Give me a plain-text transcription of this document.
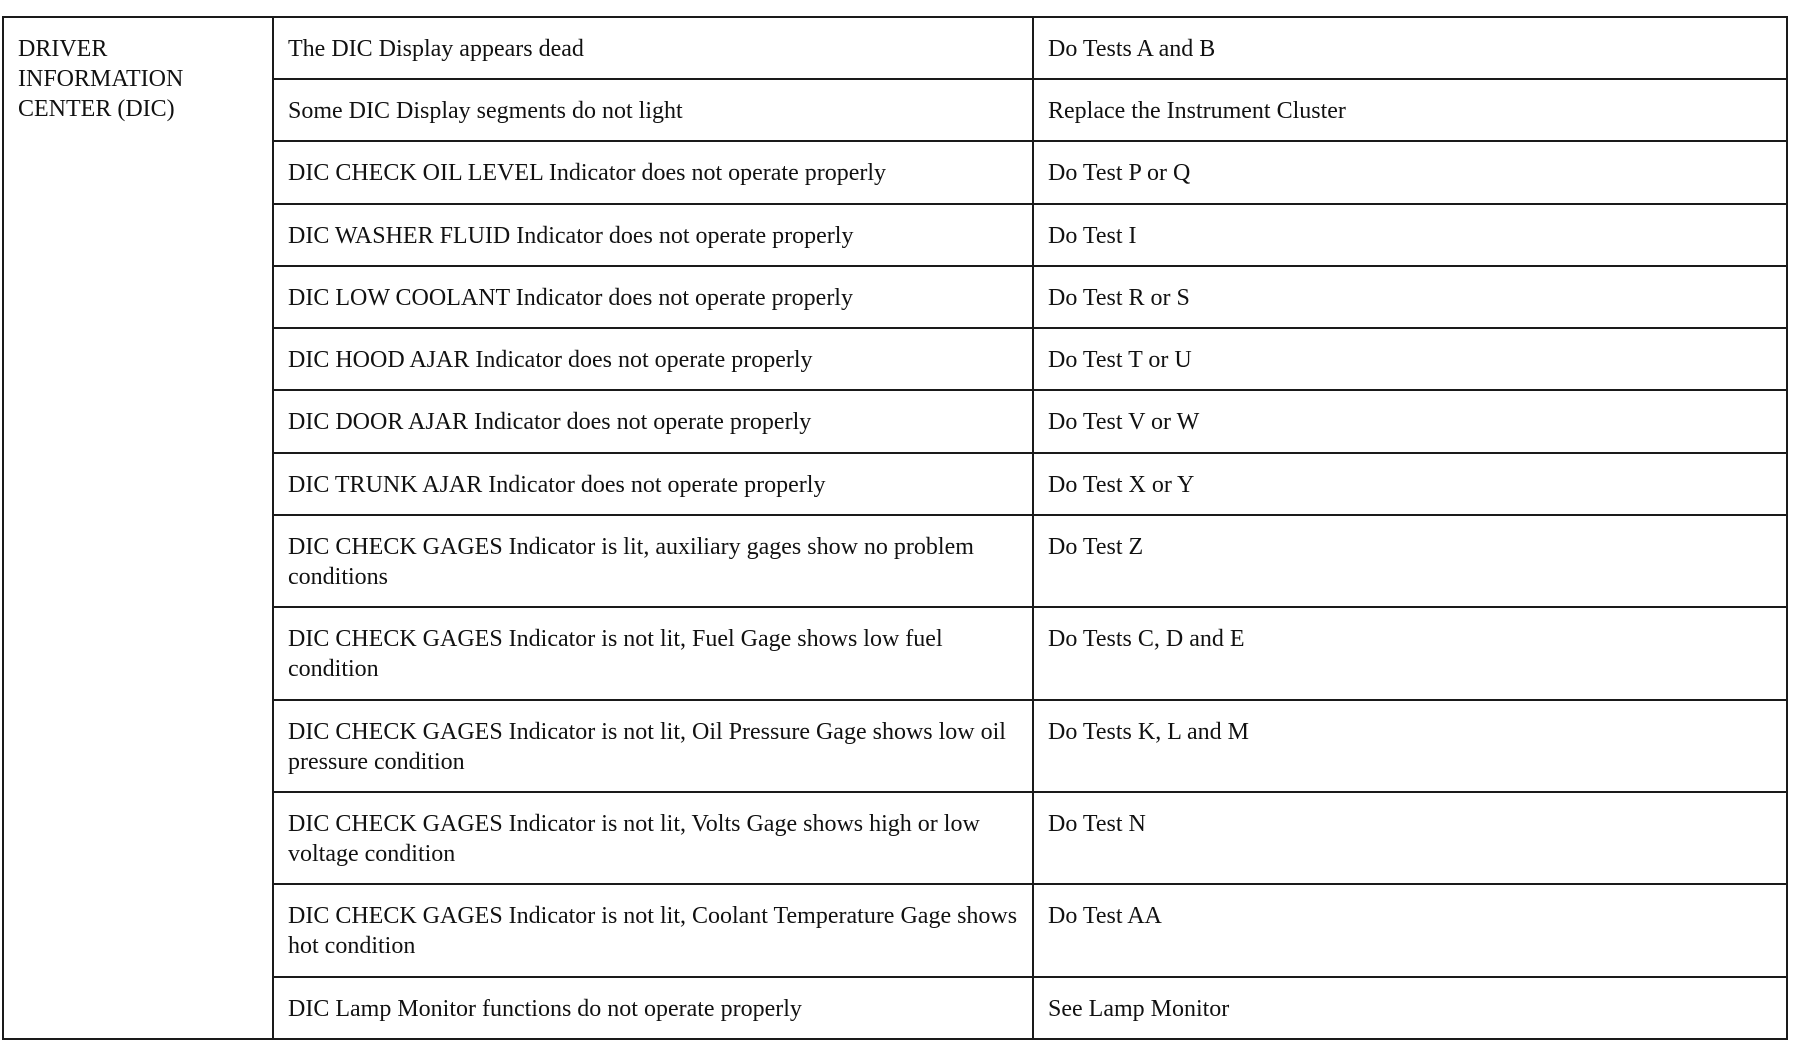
DRIVER
INFORMATION
CENTER (DIC)	The DIC Display appears dead	Do Tests A and B
	Some DIC Display segments do not light	Replace the Instrument Cluster
	DIC CHECK OIL LEVEL Indicator does not operate properly	Do Test P or Q
	DIC WASHER FLUID Indicator does not operate properly	Do Test I
	DIC LOW COOLANT Indicator does not operate properly	Do Test R or S
	DIC HOOD AJAR Indicator does not operate properly	Do Test T or U
	DIC DOOR AJAR Indicator does not operate properly	Do Test V or W
	DIC TRUNK AJAR Indicator does not operate properly	Do Test X or Y
	DIC CHECK GAGES Indicator is lit, auxiliary gages show no problem conditions	Do Test Z
	DIC CHECK GAGES Indicator is not lit, Fuel Gage shows low fuel condition	Do Tests C, D and E
	DIC CHECK GAGES Indicator is not lit, Oil Pressure Gage shows low oil pressure condition	Do Tests K, L and M
	DIC CHECK GAGES Indicator is not lit, Volts Gage shows high or low voltage condition	Do Test N
	DIC CHECK GAGES Indicator is not lit, Coolant Temperature Gage shows hot condition	Do Test AA
	DIC Lamp Monitor functions do not operate properly	See Lamp Monitor
